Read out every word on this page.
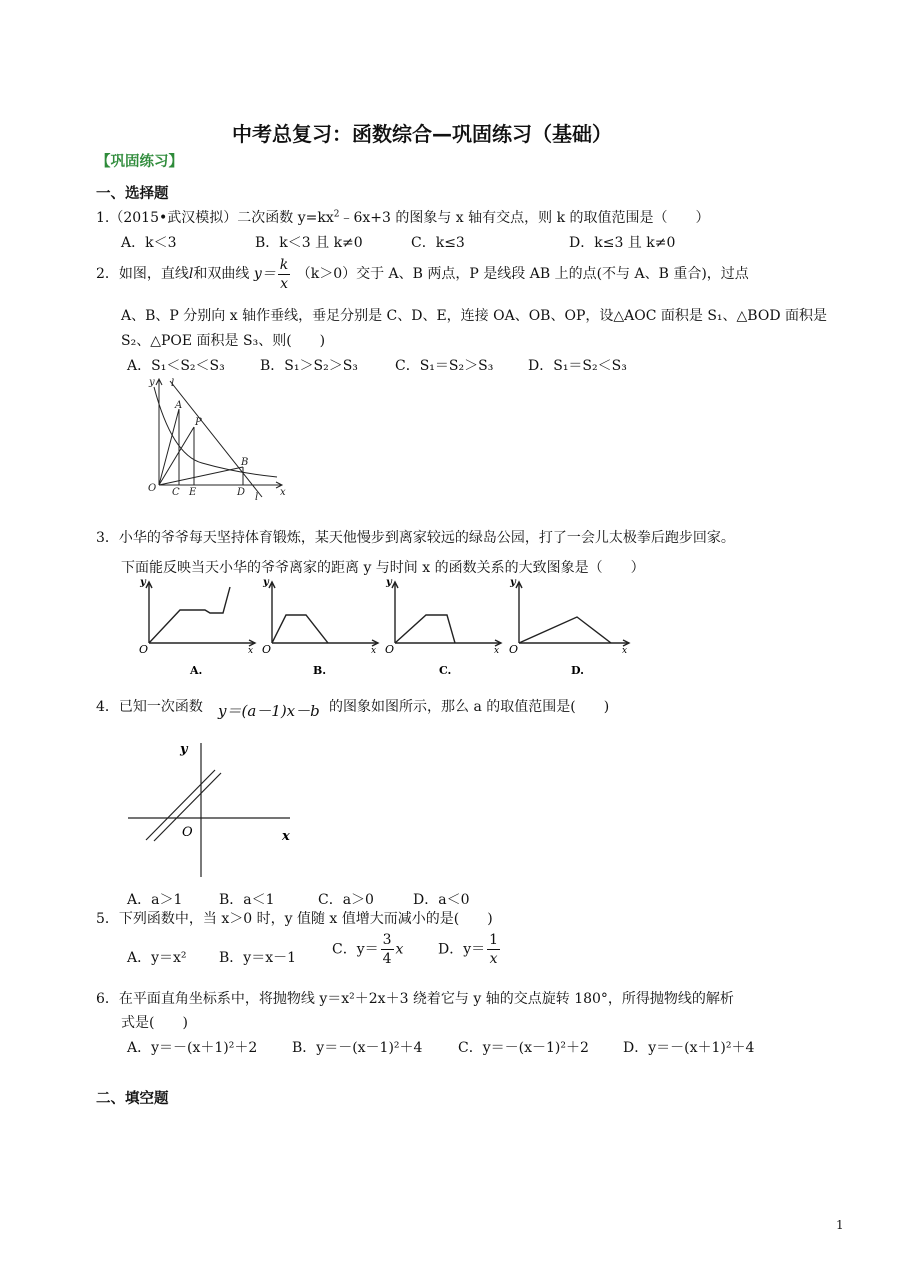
中考总复习：函数综合—巩固练习（基础）
【巩固练习】
一、选择题
1.（2015•武汉模拟）二次函数 $y=kx^2﹣6x+3$ 的图象与 x 轴有交点，则 k 的取值范围是（　　）
A．k＜3	B．k＜3 且 k≠0	C．k≤3	D．k≤3 且 k≠0
2．如图，直线l和双曲线 $y= \frac{k}{x} (k>0)$交于 A、B 两点，P 是线段 AB 上的点(不与 A、B 重合)，过点
A、B、P 分别向 x 轴作垂线，垂足分别是 C、D、E，连接 OA、OB、OP，设△AOC 面积是 S₁、△BOD 面积是
S₂、△POE 面积是 S₃、则(　　)
A．S₁＜S₂＜S₃	B．S₁＞S₂＞S₃	C．S₁＝S₂＞S₃ D．S₁＝S₂＜S₃
y l
A
P
B
O C E	D l x
3．小华的爷爷每天坚持体育锻炼，某天他慢步到离家较远的绿岛公园，打了一会儿太极拳后跑步回家。
下面能反映当天小华的爷爷离家的距离 y 与时间 x 的函数关系的大致图象是（　　）
y
O	x
A.
y
O	x
B.
y
O	x
C.
y
O	x
D.
4．已知一次函数 y＝(a－1)x－b 的图象如图所示，那么 a 的取值范围是(　　)
y
O	x
A．a＞1	B．a＜1	C．a＞0	D．a＜0
5．下列函数中，当 x＞0 时，y 值随 x 值增大而减小的是(　　)
A．y＝x² B．y＝x－1
C．$y= \frac{3}{4}$ x D．$y= \frac{1}{x}$
6．在平面直角坐标系中，将抛物线 y＝x²＋2x＋3 绕着它与 y 轴的交点旋转 180°，所得抛物线的解析
式是(　　)
A．y＝－(x＋1)²＋2 B．y＝－(x－1)²＋4	C．y＝－(x－1)²＋2 D．y＝－(x＋1)²＋4
二、填空题
1
